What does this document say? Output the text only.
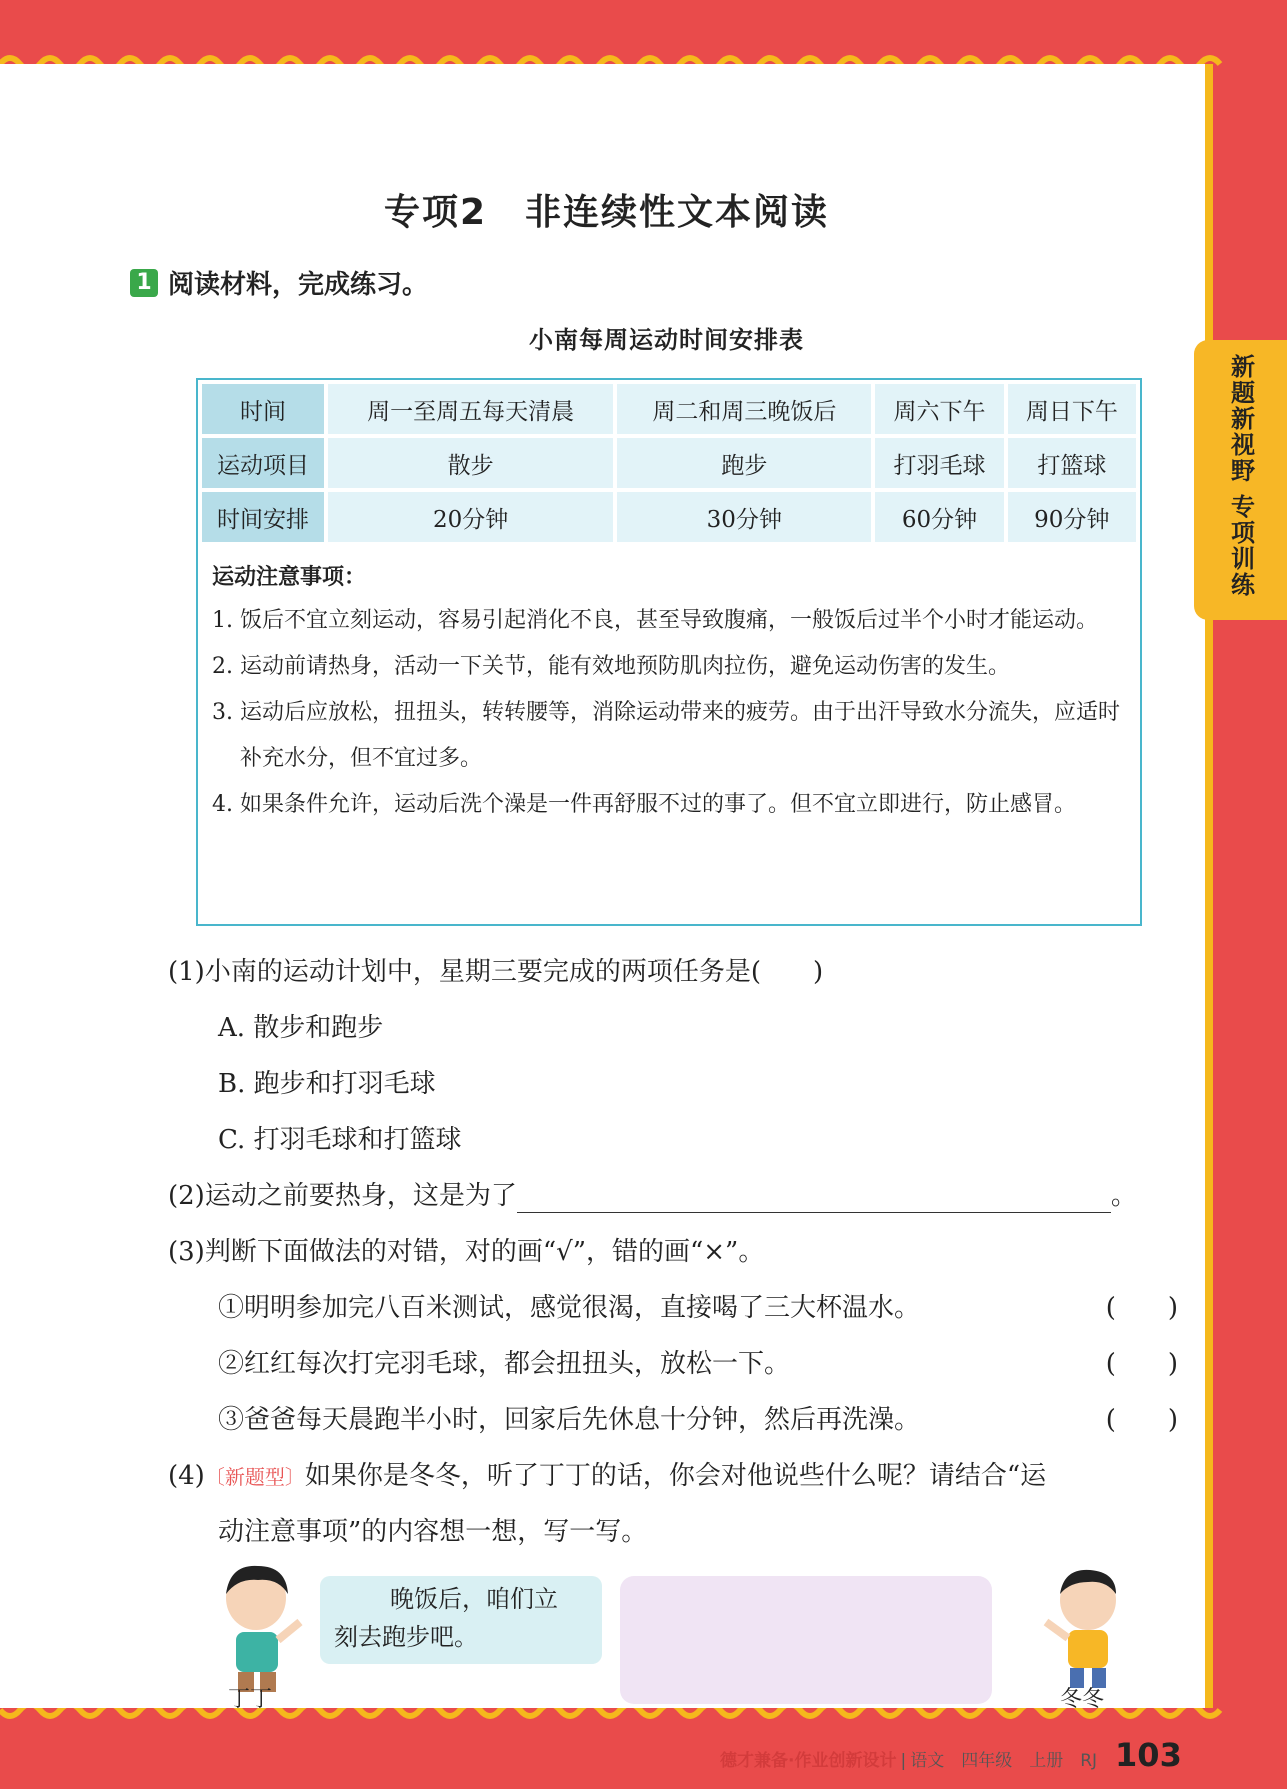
专项2　非连续性文本阅读
1 阅读材料，完成练习。
小南每周运动时间安排表
时间	周一至周五每天清晨	周二和周三晚饭后	周六下午	周日下午
运动项目	散步	跑步	打羽毛球	打篮球
时间安排	20分钟	30分钟	60分钟	90分钟
运动注意事项：
1. 饭后不宜立刻运动，容易引起消化不良，甚至导致腹痛，一般饭后过半个小时才能运动。
2. 运动前请热身，活动一下关节，能有效地预防肌肉拉伤，避免运动伤害的发生。
3. 运动后应放松，扭扭头，转转腰等，消除运动带来的疲劳。由于出汗导致水分流失，应适时补充水分，但不宜过多。
4. 如果条件允许，运动后洗个澡是一件再舒服不过的事了。但不宜立即进行，防止感冒。
(1)小南的运动计划中，星期三要完成的两项任务是(　　)
A. 散步和跑步
B. 跑步和打羽毛球
C. 打羽毛球和打篮球
(2)运动之前要热身，这是为了	。
(3)判断下面做法的对错，对的画“√”，错的画“×”。
①明明参加完八百米测试，感觉很渴，直接喝了三大杯温水。	(　　)
②红红每次打完羽毛球，都会扭扭头，放松一下。	(　　)
③爸爸每天晨跑半小时，回家后先休息十分钟，然后再洗澡。	(　　)
(4)〔新题型〕如果你是冬冬，听了丁丁的话，你会对他说些什么呢？请结合“运
动注意事项”的内容想一想，写一写。
丁丁
晚饭后，咱们立
刻去跑步吧。
冬冬
德才兼备·作业创新设计 | 语文　四年级　上册　RJ 103
新题新视野
专项训练
